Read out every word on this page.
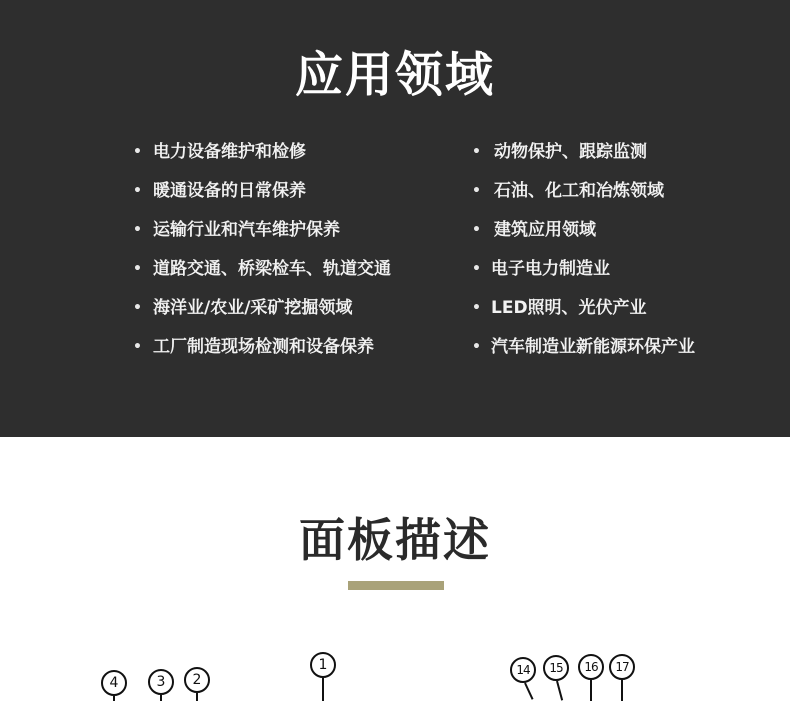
应用领域
• 电力设备维护和检修
• 暖通设备的日常保养
• 运输行业和汽车维护保养
• 道路交通、桥梁检车、轨道交通
• 海洋业/农业/采矿挖掘领域
• 工厂制造现场检测和设备保养
• 动物保护、跟踪监测
• 石油、化工和冶炼领域
• 建筑应用领域
• 电子电力制造业
• LED照明、光伏产业
• 汽车制造业新能源环保产业
面板描述
4	3	2
1	14	15	16	17
